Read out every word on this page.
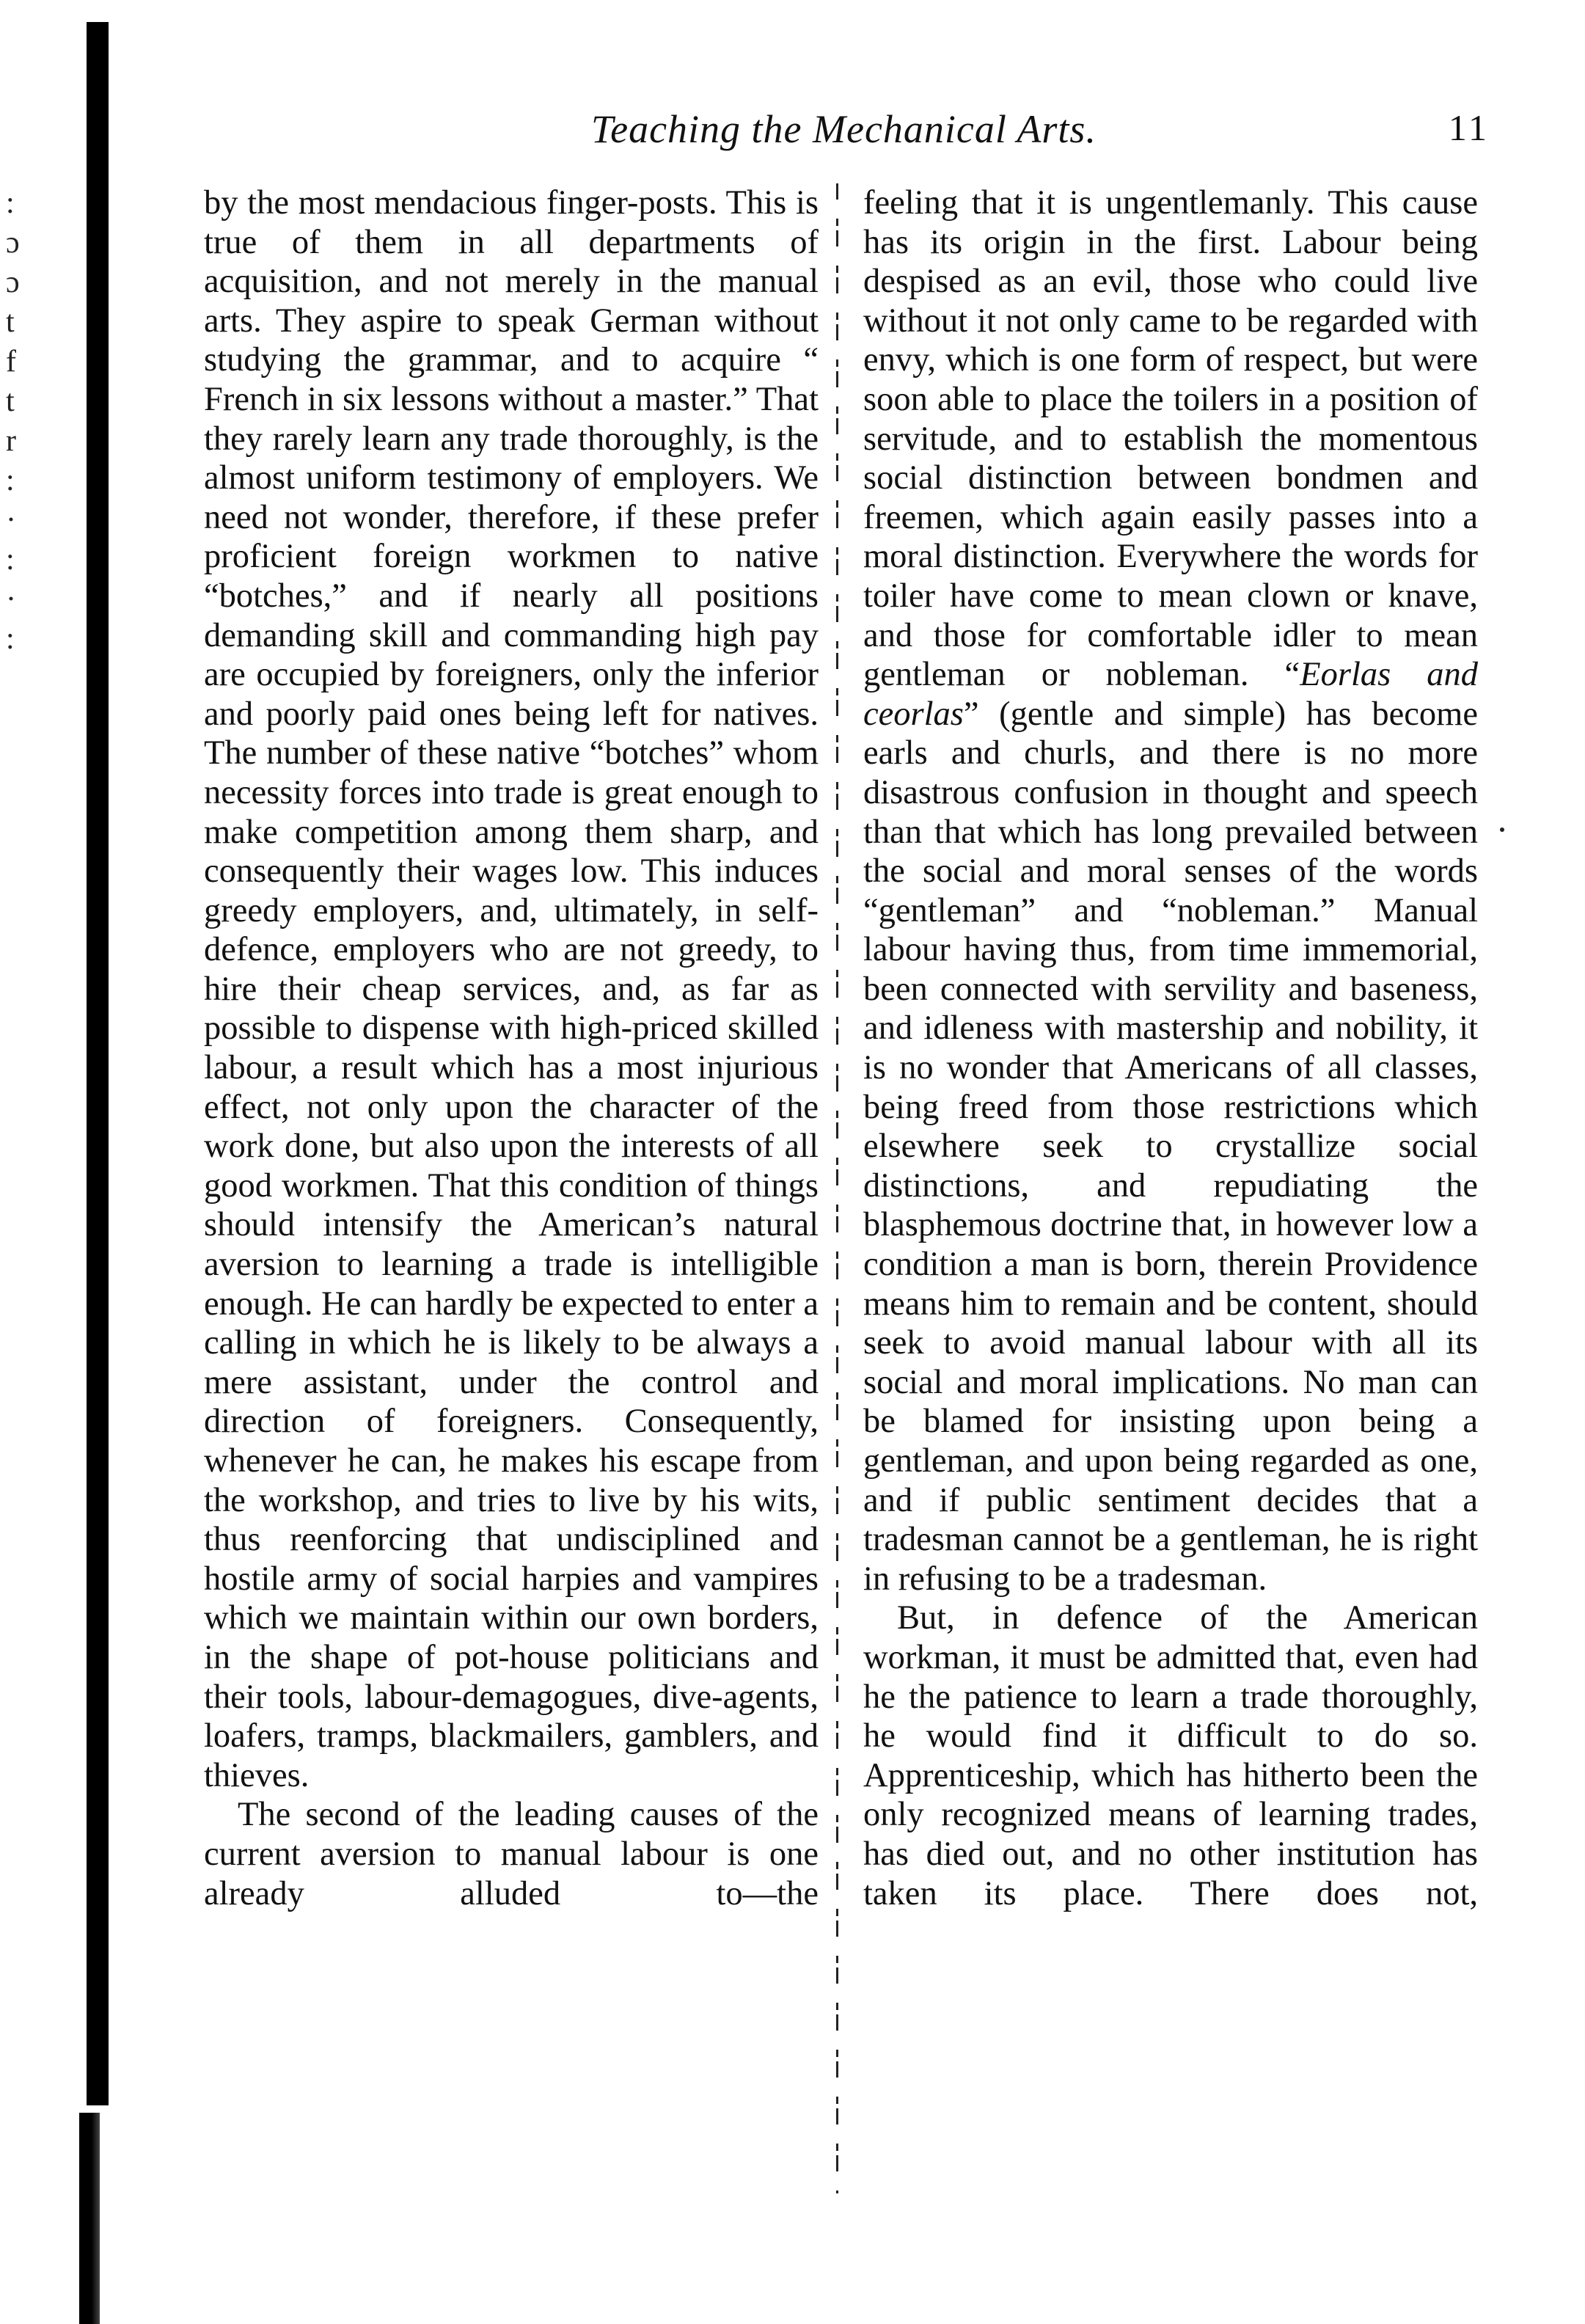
:
ɔ
ɔ
t
f
t
r
:
·
:
·
:
Teaching the Mechanical Arts.	11

by the most mendacious finger-posts. This is true of them in all departments of acquisition, and not merely in the manual arts. They aspire to speak German without studying the grammar, and to acquire “ French in six lessons without a master.” That they rarely learn any trade thoroughly, is the almost uniform testimony of employers. We need not wonder, therefore, if these prefer proficient foreign workmen to native “botches,” and if nearly all positions demanding skill and commanding high pay are occupied by foreigners, only the inferior and poorly paid ones being left for natives. The number of these native “botches” whom necessity forces into trade is great enough to make competition among them sharp, and consequently their wages low. This induces greedy employers, and, ultimately, in self-defence, employers who are not greedy, to hire their cheap services, and, as far as possible to dispense with high-priced skilled labour, a result which has a most injurious effect, not only upon the character of the work done, but also upon the interests of all good workmen. That this condition of things should intensify the American’s natural aversion to learning a trade is intelligible enough. He can hardly be expected to enter a calling in which he is likely to be always a mere assistant, under the control and direction of foreigners. Consequently, whenever he can, he makes his escape from the workshop, and tries to live by his wits, thus reenforcing that undisciplined and hostile army of social harpies and vampires which we maintain within our own borders, in the shape of pot-house politicians and their tools, labour-demagogues, dive-agents, loafers, tramps, blackmailers, gamblers, and thieves.

The second of the leading causes of the current aversion to manual labour is one already alluded to—the

feeling that it is ungentlemanly. This cause has its origin in the first. Labour being despised as an evil, those who could live without it not only came to be regarded with envy, which is one form of respect, but were soon able to place the toilers in a position of servitude, and to establish the momentous social distinction between bondmen and freemen, which again easily passes into a moral distinction. Everywhere the words for toiler have come to mean clown or knave, and those for comfortable idler to mean gentleman or nobleman. “Eorlas and ceorlas” (gentle and simple) has become earls and churls, and there is no more disastrous confusion in thought and speech than that which has long prevailed between the social and moral senses of the words “gentleman” and “nobleman.” Manual labour having thus, from time immemorial, been connected with servility and baseness, and idleness with mastership and nobility, it is no wonder that Americans of all classes, being freed from those restrictions which elsewhere seek to crystallize social distinctions, and repudiating the blasphemous doctrine that, in however low a condition a man is born, therein Providence means him to remain and be content, should seek to avoid manual labour with all its social and moral implications. No man can be blamed for insisting upon being a gentleman, and upon being regarded as one, and if public sentiment decides that a tradesman cannot be a gentleman, he is right in refusing to be a tradesman.

But, in defence of the American workman, it must be admitted that, even had he the patience to learn a trade thoroughly, he would find it difficult to do so. Apprenticeship, which has hitherto been the only recognized means of learning trades, has died out, and no other institution has taken its place. There does not,
